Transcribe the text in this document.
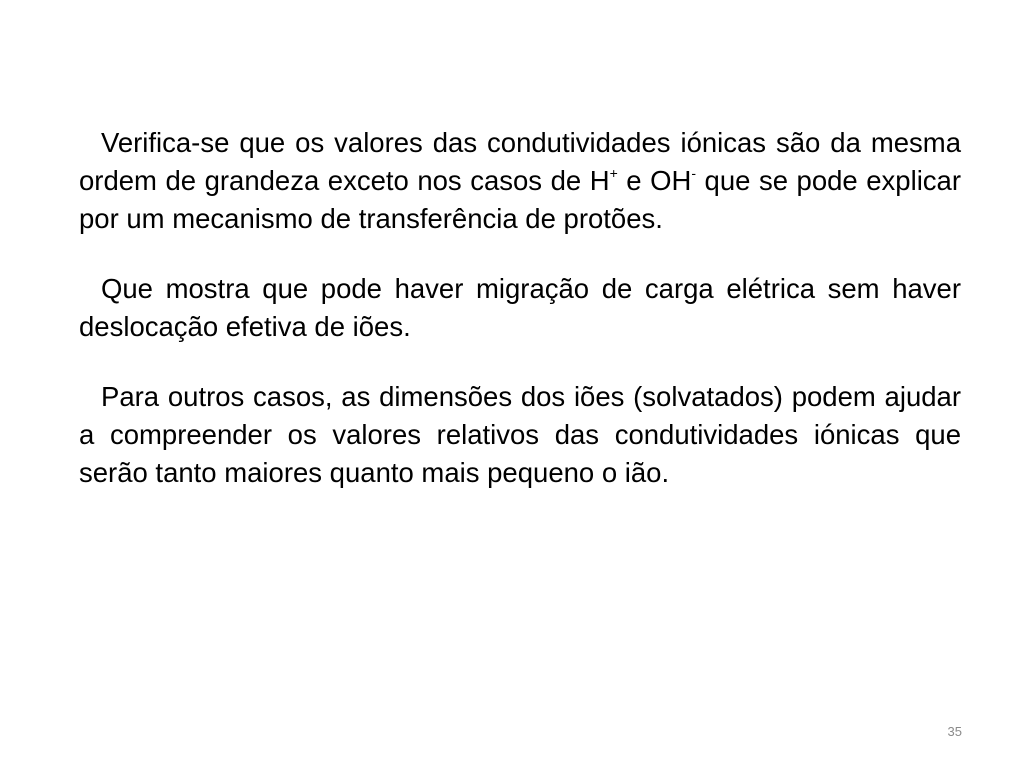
Verifica-se que os valores das condutividades iónicas são da mesma ordem de grandeza exceto nos casos de H+ e OH- que se pode explicar por um mecanismo de transferência de protões.

Que mostra que pode haver migração de carga elétrica sem haver deslocação efetiva de iões.

Para outros casos, as dimensões dos iões (solvatados) podem ajudar a compreender os valores relativos das condutividades iónicas que serão tanto maiores quanto mais pequeno o ião.

35
